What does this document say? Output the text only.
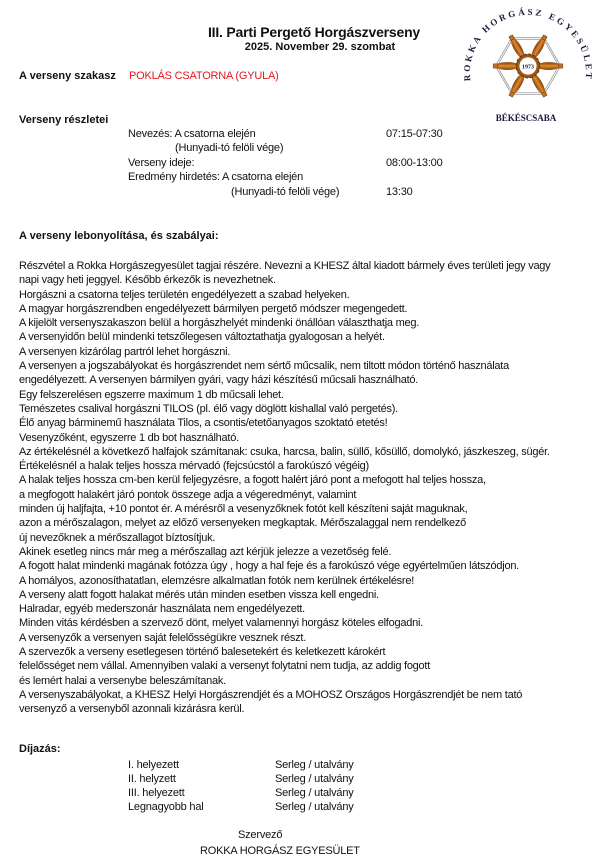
III. Parti Pergető Horgászverseny
2025. November 29. szombat
1973
ROKKA HORGÁSZ EGYESÜLET
BÉKÉSCSABA
A verseny szakasz POKLÁS CSATORNA (GYULA)
Verseny részletei
Nevezés: A csatorna elején	07:15-07:30
(Hunyadi-tó felöli vége)
Verseny ideje:	08:00-13:00
Eredmény hirdetés: A csatorna elején
(Hunyadi-tó felöli vége)	13:30
A verseny lebonyolítása, és szabályai:
Részvétel a Rokka Horgászegyesület tagjai részére. Nevezni a KHESZ által kiadott bármely éves területi jegy vagy
napi vagy heti jeggyel. Később érkezők is nevezhetnek.
Horgászni a csatorna teljes területén engedélyezett a szabad helyeken.
A magyar horgászrendben engedélyezett bármilyen pergető módszer megengedett.
A kijelölt versenyszakaszon belül a horgászhelyét mindenki önállóan választhatja meg.
A versenyidőn belül mindenki tetszőlegesen változtathatja gyalogosan a helyét.
A versenyen kizárólag partról lehet horgászni.
A versenyen a jogszabályokat és horgászrendet nem sértő műcsalik, nem tiltott módon történő használata
engedélyezett. A versenyen bármilyen gyári, vagy házi készítésű műcsali használható.
Egy felszerelésen egszerre maximum 1 db műcsali lehet.
Temészetes csalival horgászni TILOS (pl. élő vagy döglött kishallal való pergetés).
Élő anyag bárminemű használata Tilos, a csontis/etetőanyagos szoktató etetés!
Vesenyzőként, egyszerre 1 db bot használható.
Az értékelésnél a következő halfajok számítanak: csuka, harcsa, balin, süllő, kősüllő, domolykó, jászkeszeg, sügér.
Értékelésnél a halak teljes hossza mérvadó (fejcsúcstól a farokúszó végéig)
A halak teljes hossza cm-ben kerül feljegyzésre, a fogott halért járó pont a mefogott hal teljes hossza,
a megfogott halakért járó pontok összege adja a végeredményt, valamint
minden új haljfajta, +10 pontot ér. A mérésről a vesenyzőknek fotót kell készíteni saját maguknak,
azon a mérőszalagon, melyet az előző versenyeken megkaptak. Mérőszalaggal nem rendelkező
új nevezőknek a mérőszallagot bíztosítjuk.
Akinek esetleg nincs már meg a mérőszallag azt kérjük jelezze a vezetőség felé.
A fogott halat mindenki magának fotózza úgy , hogy a hal feje és a farokúszó vége egyértelműen látszódjon.
A homályos, azonosíthatatlan, elemzésre alkalmatlan fotók nem kerülnek értékelésre!
A verseny alatt fogott halakat mérés után minden esetben vissza kell engedni.
Halradar, egyéb mederszonár használata nem engedélyezett.
Minden vitás kérdésben a szervező dönt, melyet valamennyi horgász köteles elfogadni.
A versenyzők a versenyen saját felelősségükre vesznek részt.
A szervezők a verseny esetlegesen történő balesetekért és keletkezett károkért
felelősséget nem vállal. Amennyiben valaki a versenyt folytatni nem tudja, az addig fogott
és lemért halai a versenybe beleszámítanak.
A versenyszabályokat, a KHESZ Helyi Horgászrendjét és a MOHOSZ Országos Horgászrendjét be nem tató
versenyző a versenyből azonnali kizárásra kerül.
Díjazás:
I. helyezett	Serleg / utalvány
II. helyzett	Serleg / utalvány
III. helyezett	Serleg / utalvány
Legnagyobb hal	Serleg / utalvány
Szervező
ROKKA HORGÁSZ EGYESÜLET
